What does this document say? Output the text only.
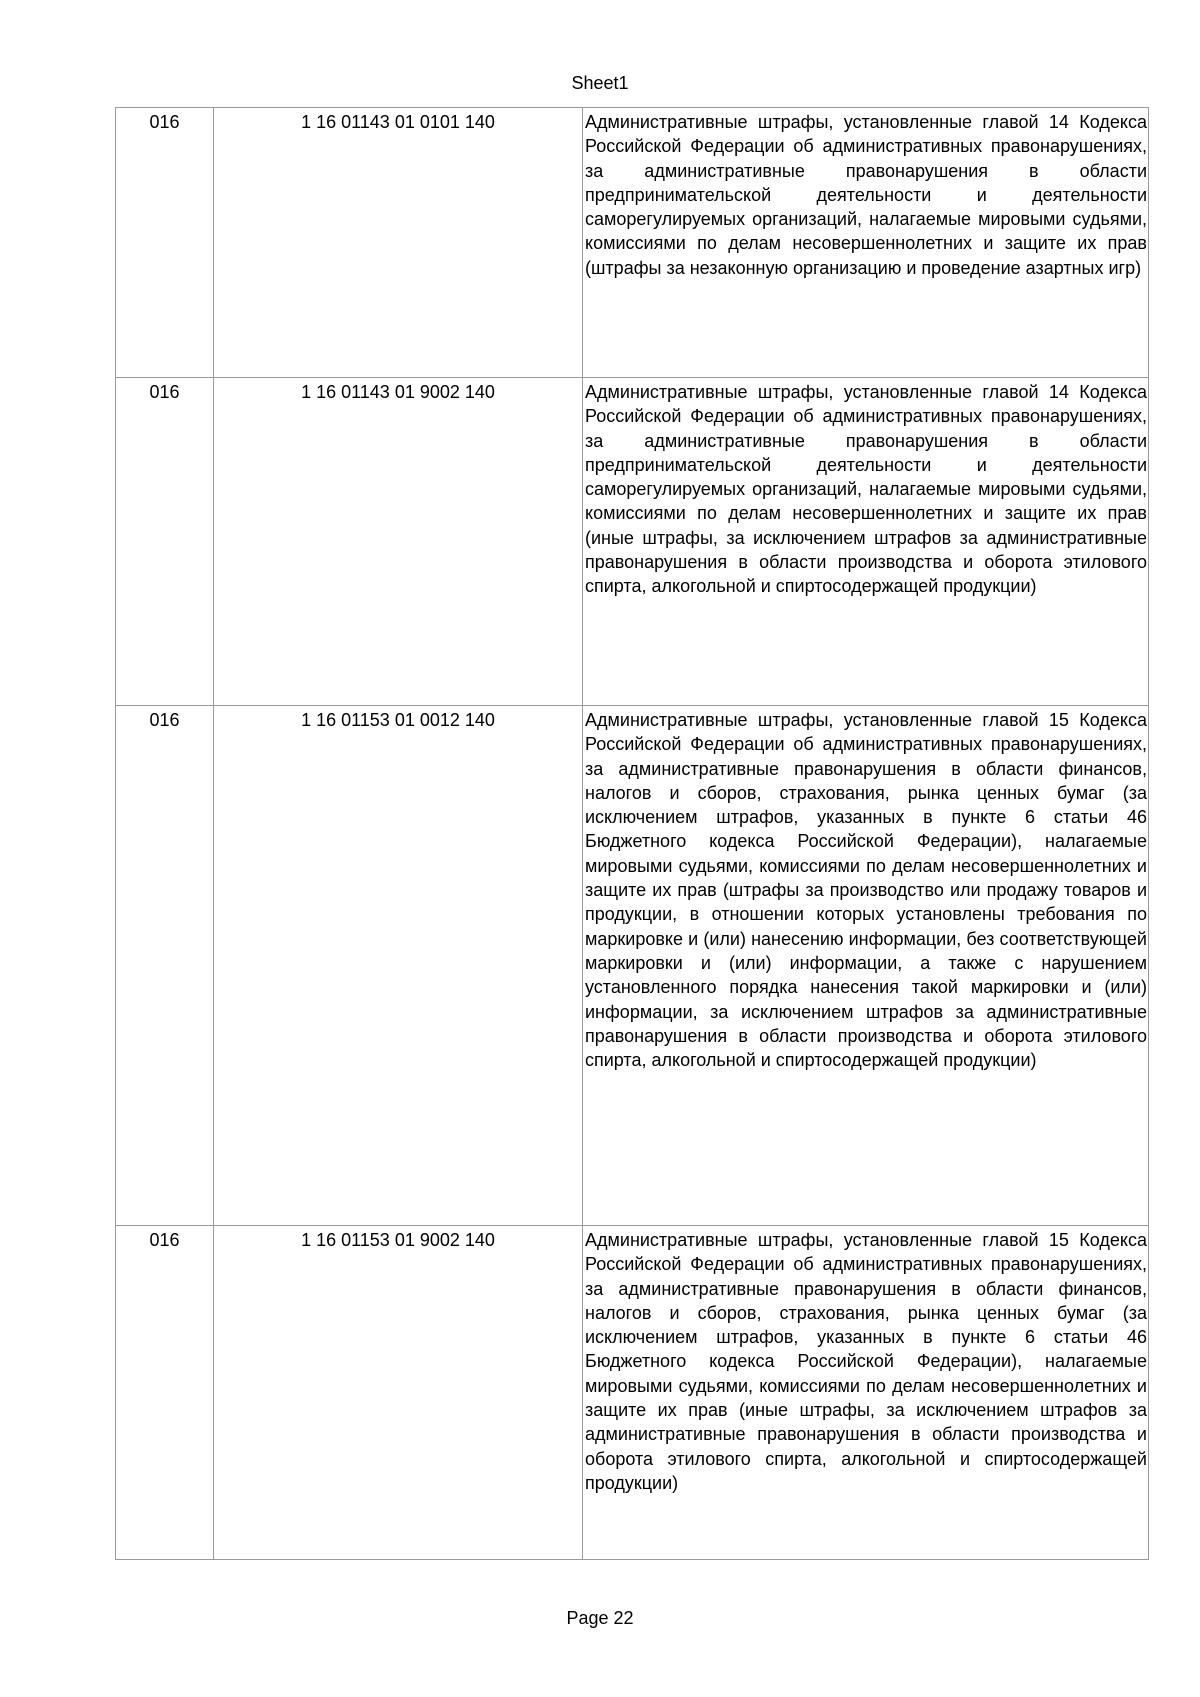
Sheet1
016	1 16 01143 01 0101 140	Административные штрафы, установленные главой 14 Кодекса Российской Федерации об административных правонарушениях, за административные правонарушения в области предпринимательской деятельности и деятельности саморегулируемых организаций, налагаемые мировыми судьями, комиссиями по делам несовершеннолетних и защите их прав (штрафы за незаконную организацию и проведение азартных игр)

016	1 16 01143 01 9002 140	Административные штрафы, установленные главой 14 Кодекса Российской Федерации об административных правонарушениях, за административные правонарушения в области предпринимательской деятельности и деятельности саморегулируемых организаций, налагаемые мировыми судьями, комиссиями по делам несовершеннолетних и защите их прав (иные штрафы, за исключением штрафов за административные правонарушения в области производства и оборота этилового спирта, алкогольной и спиртосодержащей продукции)

016	1 16 01153 01 0012 140	Административные штрафы, установленные главой 15 Кодекса Российской Федерации об административных правонарушениях, за административные правонарушения в области финансов, налогов и сборов, страхования, рынка ценных бумаг (за исключением штрафов, указанных в пункте 6 статьи 46 Бюджетного кодекса Российской Федерации), налагаемые мировыми судьями, комиссиями по делам несовершеннолетних и защите их прав (штрафы за производство или продажу товаров и продукции, в отношении которых установлены требования по маркировке и (или) нанесению информации, без соответствующей маркировки и (или) информации, а также с нарушением установленного порядка нанесения такой маркировки и (или) информации, за исключением штрафов за административные правонарушения в области производства и оборота этилового спирта, алкогольной и спиртосодержащей продукции)

016	1 16 01153 01 9002 140	Административные штрафы, установленные главой 15 Кодекса Российской Федерации об административных правонарушениях, за административные правонарушения в области финансов, налогов и сборов, страхования, рынка ценных бумаг (за исключением штрафов, указанных в пункте 6 статьи 46 Бюджетного кодекса Российской Федерации), налагаемые мировыми судьями, комиссиями по делам несовершеннолетних и защите их прав (иные штрафы, за исключением штрафов за административные правонарушения в области производства и оборота этилового спирта, алкогольной и спиртосодержащей продукции)
Page 22
